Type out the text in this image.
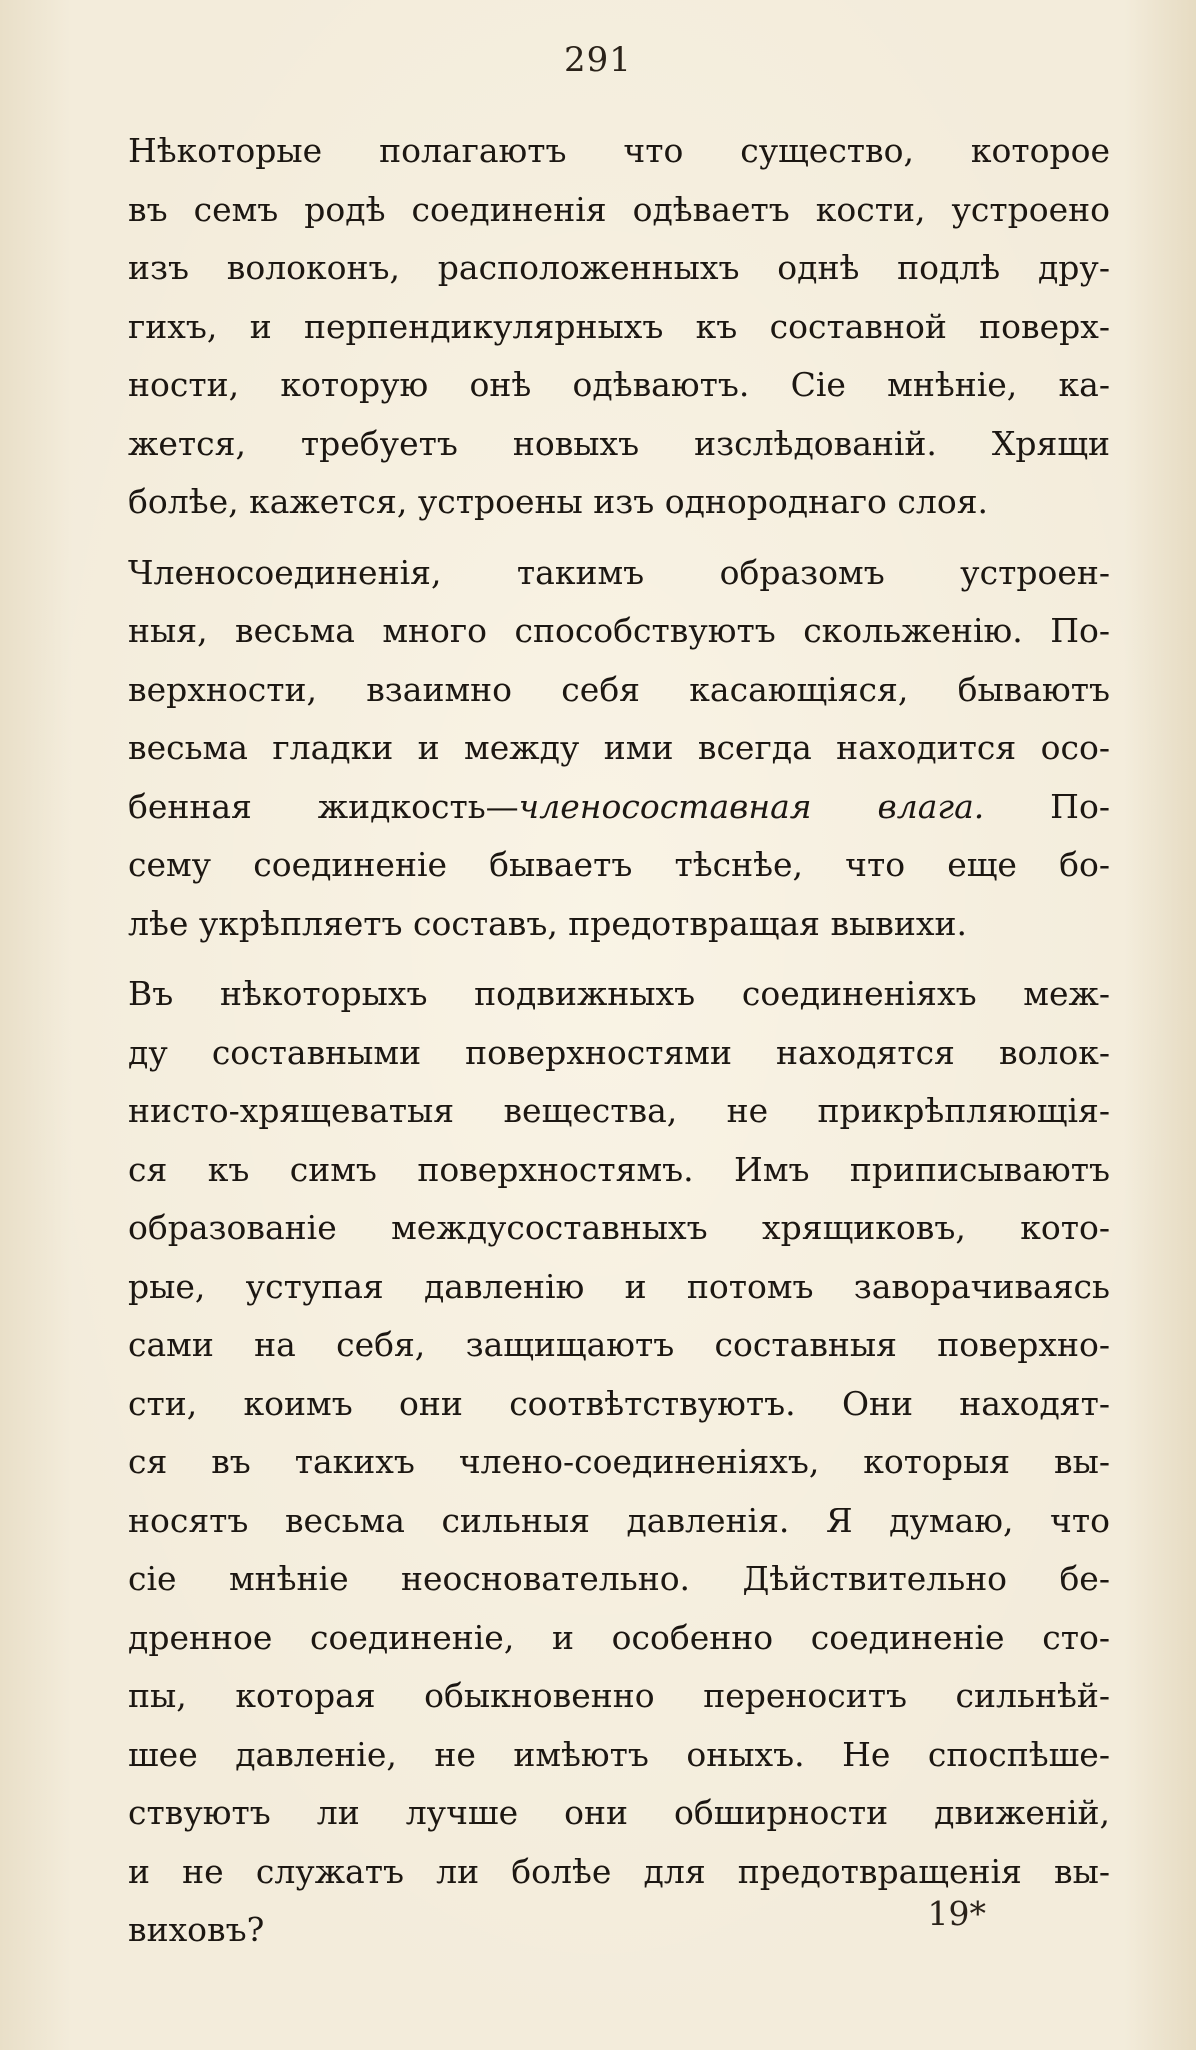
291

Нѣкоторые полагаютъ что существо, которое
въ семъ родѣ соединенія одѣваетъ кости, устроено
изъ волоконъ, расположенныхъ однѣ подлѣ дру-
гихъ, и перпендикулярныхъ къ составной поверх-
ности, которую онѣ одѣваютъ. Сіе мнѣніе, ка-
жется, требуетъ новыхъ изслѣдованій. Хрящи
болѣе, кажется, устроены изъ однороднаго слоя.

Членосоединенія, такимъ образомъ устроен-
ныя, весьма много способствуютъ скольженію. По-
верхности, взаимно себя касающіяся, бываютъ
весьма гладки и между ими всегда находится осо-
бенная жидкость—членосоставная влага. По-
сему соединеніе бываетъ тѣснѣе, что еще бо-
лѣе укрѣпляетъ составъ, предотвращая вывихи.

Въ нѣкоторыхъ подвижныхъ соединеніяхъ меж-
ду составными поверхностями находятся волок-
нисто-хрящеватыя вещества, не прикрѣпляющія-
ся къ симъ поверхностямъ. Имъ приписываютъ
образованіе междусоставныхъ хрящиковъ, кото-
рые, уступая давленію и потомъ заворачиваясь
сами на себя, защищаютъ составныя поверхно-
сти, коимъ они соотвѣтствуютъ. Они находят-
ся въ такихъ члено-соединеніяхъ, которыя вы-
носятъ весьма сильныя давленія. Я думаю, что
сіе мнѣніе неосновательно. Дѣйствительно бе-
дренное соединеніе, и особенно соединеніе сто-
пы, которая обыкновенно переноситъ сильнѣй-
шее давленіе, не имѣютъ оныхъ. Не споспѣше-
ствуютъ ли лучше они обширности движеній,
и не служатъ ли болѣе для предотвращенія вы-
виховъ?	19*
